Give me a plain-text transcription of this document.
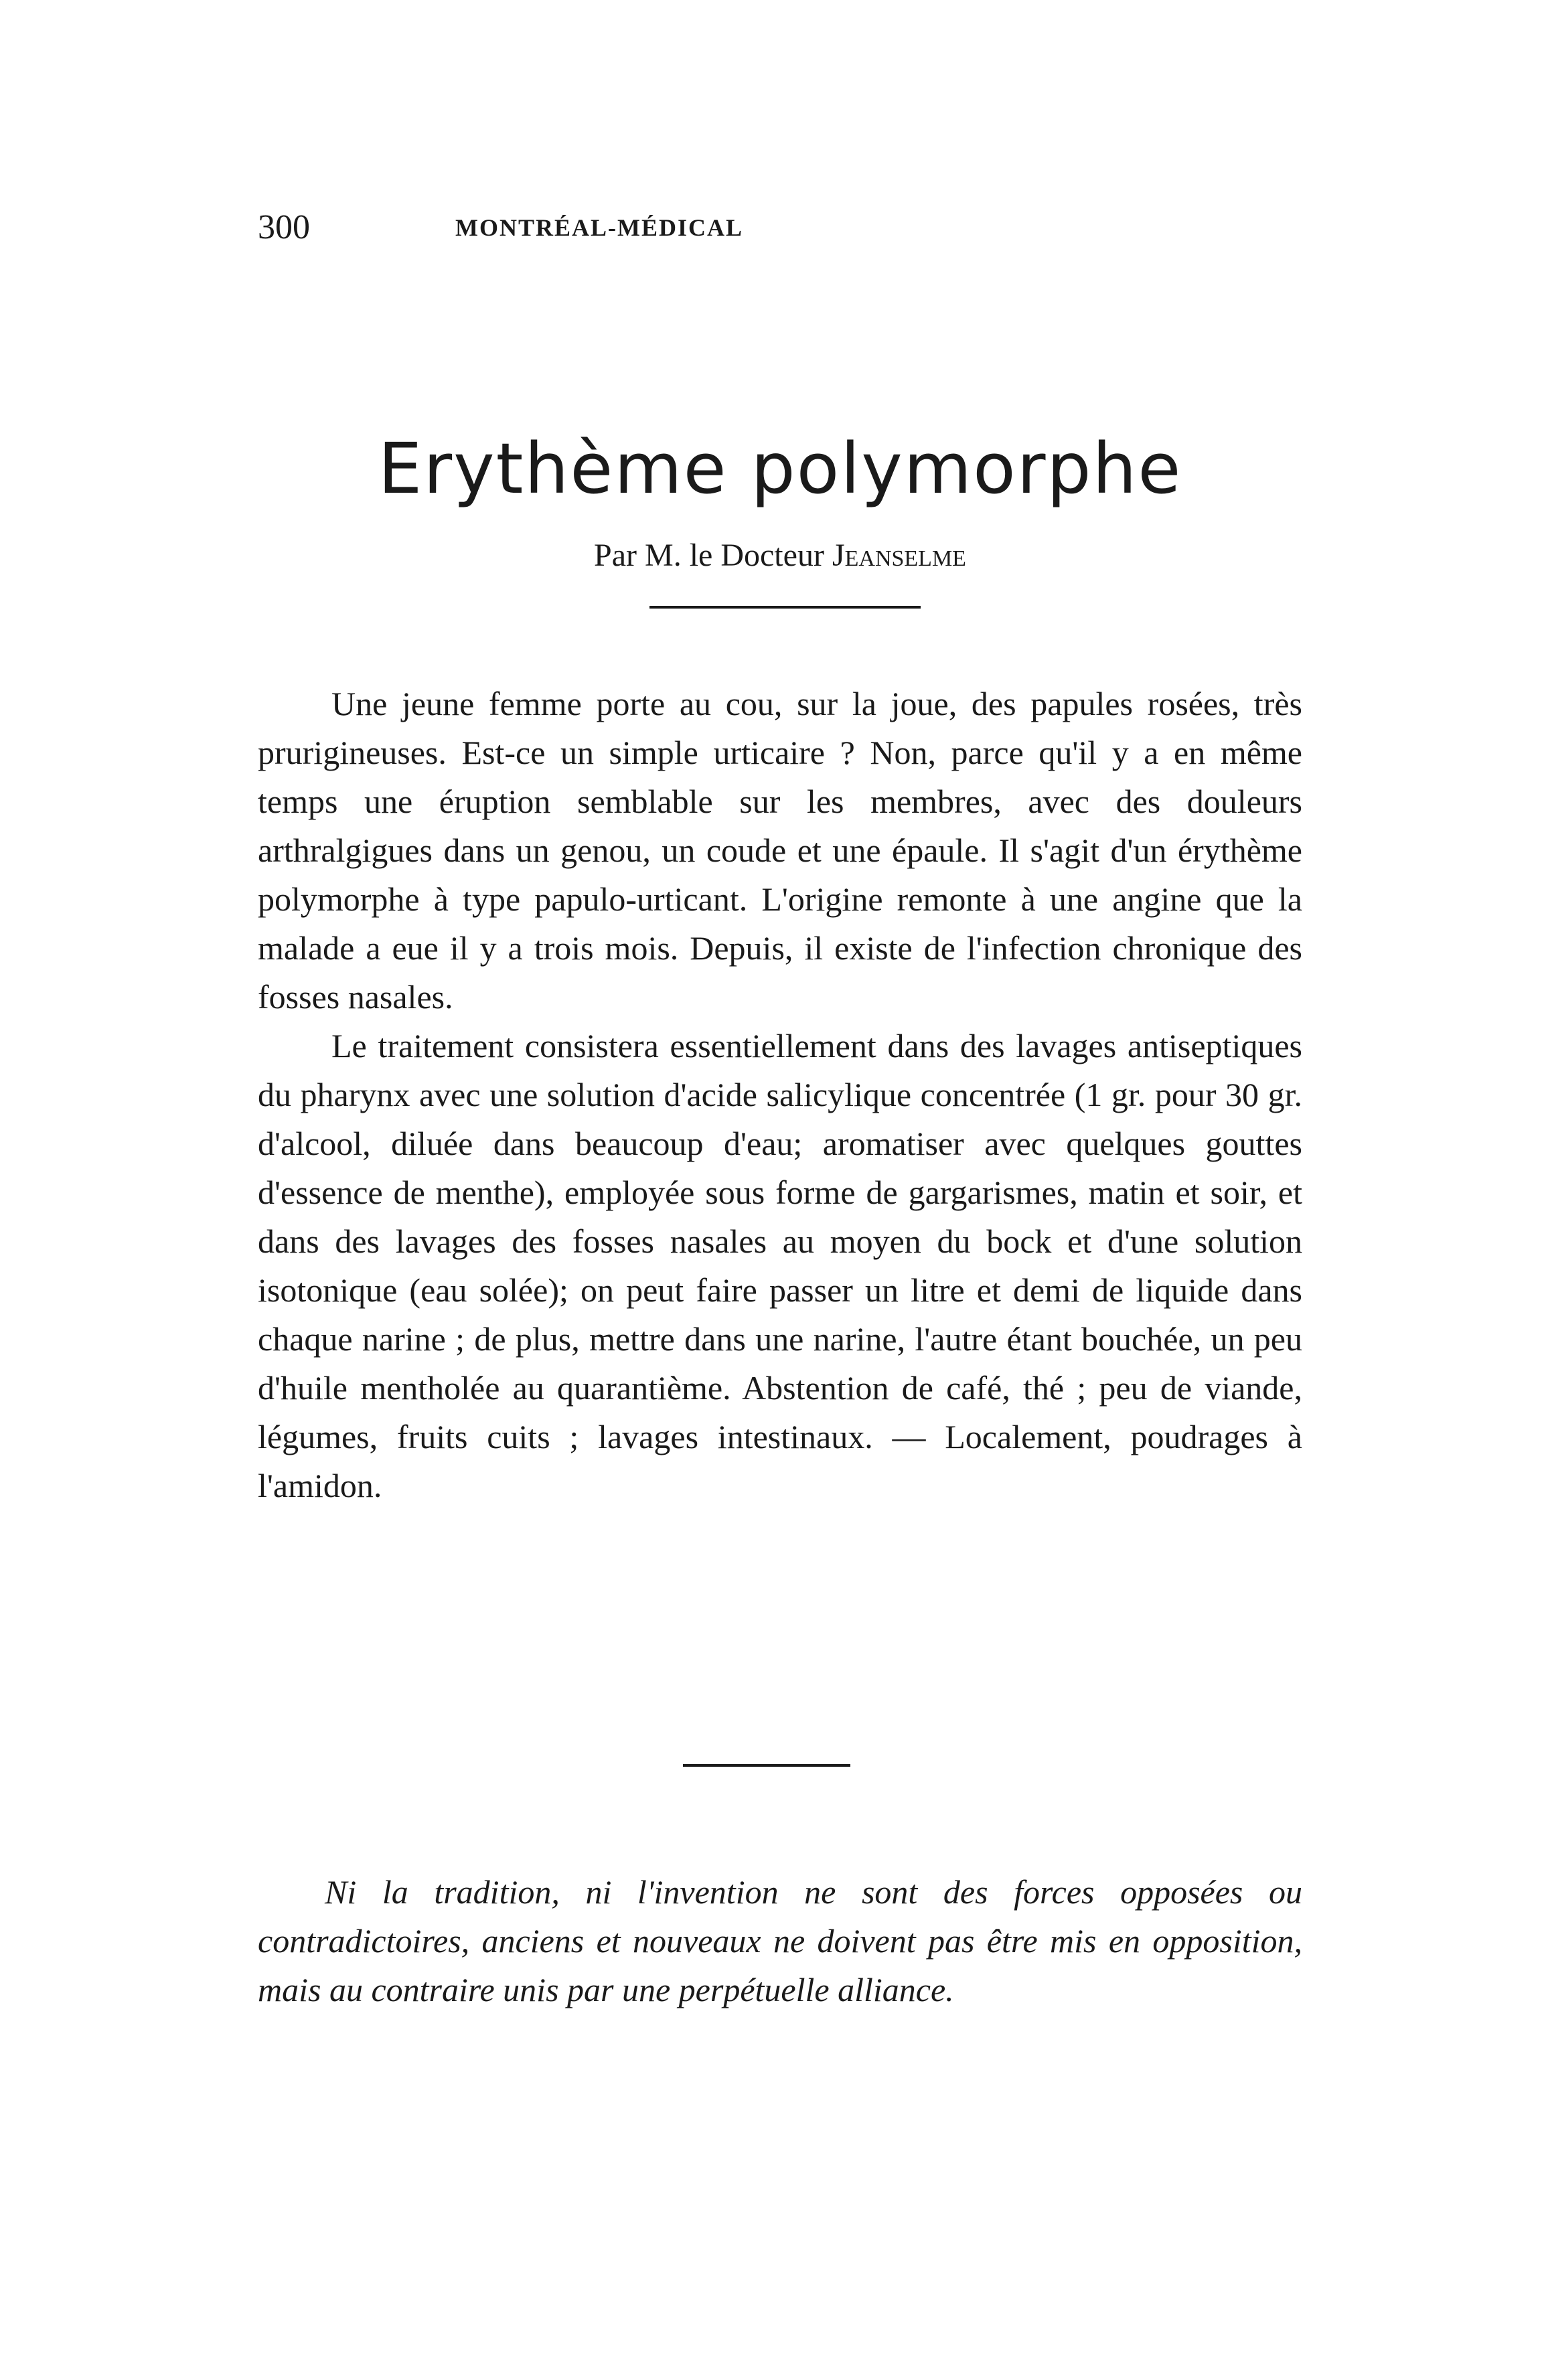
300	MONTRÉAL-MÉDICAL
Erythème polymorphe
Par M. le Docteur Jeanselme

Une jeune femme porte au cou, sur la joue, des papules rosées, très prurigineuses. Est-ce un simple urticaire ? Non, parce qu'il y a en même temps une éruption semblable sur les membres, avec des douleurs arthralgigues dans un genou, un coude et une épaule. Il s'agit d'un érythème polymorphe à type papulo-urticant. L'origine remonte à une angine que la malade a eue il y a trois mois. Depuis, il existe de l'infection chronique des fosses nasales.

Le traitement consistera essentiellement dans des lavages antiseptiques du pharynx avec une solution d'acide salicylique concentrée (1 gr. pour 30 gr. d'alcool, diluée dans beaucoup d'eau; aromatiser avec quelques gouttes d'essence de menthe), employée sous forme de gargarismes, matin et soir, et dans des lavages des fosses nasales au moyen du bock et d'une solution isotonique (eau solée); on peut faire passer un litre et demi de liquide dans chaque narine ; de plus, mettre dans une narine, l'autre étant bouchée, un peu d'huile mentholée au quarantième. Abstention de café, thé ; peu de viande, légumes, fruits cuits ; lavages intestinaux. — Localement, poudrages à l'amidon.

Ni la tradition, ni l'invention ne sont des forces opposées ou contradictoires, anciens et nouveaux ne doivent pas être mis en opposition, mais au contraire unis par une perpétuelle alliance.
